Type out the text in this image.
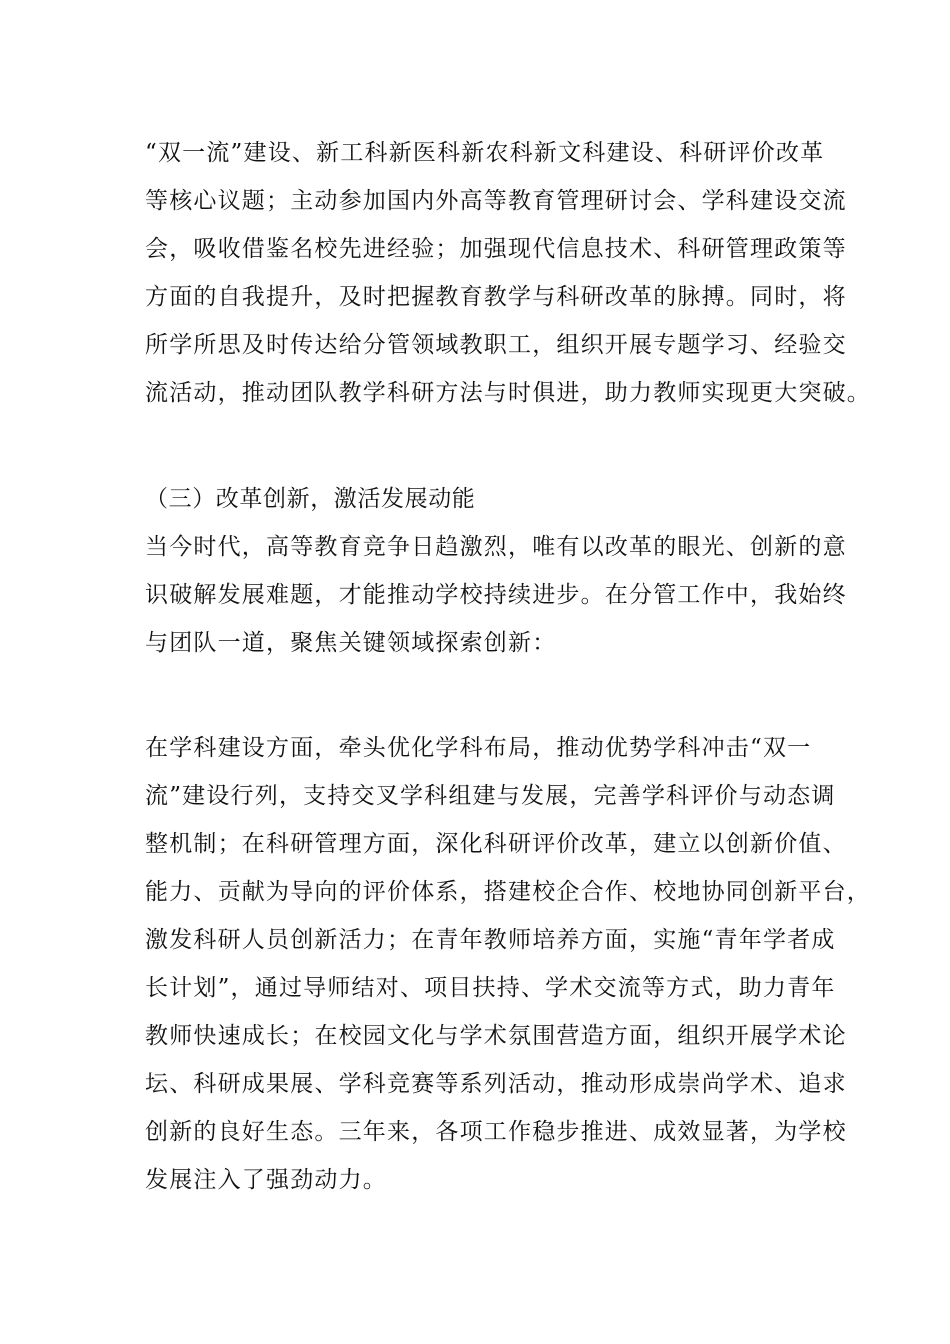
“双一流”建设、新工科新医科新农科新文科建设、科研评价改革
等核心议题；主动参加国内外高等教育管理研讨会、学科建设交流
会，吸收借鉴名校先进经验；加强现代信息技术、科研管理政策等
方面的自我提升，及时把握教育教学与科研改革的脉搏。同时，将
所学所思及时传达给分管领域教职工，组织开展专题学习、经验交
流活动，推动团队教学科研方法与时俱进，助力教师实现更大突破。
（三）改革创新，激活发展动能
当今时代，高等教育竞争日趋激烈，唯有以改革的眼光、创新的意
识破解发展难题，才能推动学校持续进步。在分管工作中，我始终
与团队一道，聚焦关键领域探索创新：
在学科建设方面，牵头优化学科布局，推动优势学科冲击“双一
流”建设行列，支持交叉学科组建与发展，完善学科评价与动态调
整机制；在科研管理方面，深化科研评价改革，建立以创新价值、
能力、贡献为导向的评价体系，搭建校企合作、校地协同创新平台，
激发科研人员创新活力；在青年教师培养方面，实施“青年学者成
长计划”，通过导师结对、项目扶持、学术交流等方式，助力青年
教师快速成长；在校园文化与学术氛围营造方面，组织开展学术论
坛、科研成果展、学科竞赛等系列活动，推动形成崇尚学术、追求
创新的良好生态。三年来，各项工作稳步推进、成效显著，为学校
发展注入了强劲动力。
